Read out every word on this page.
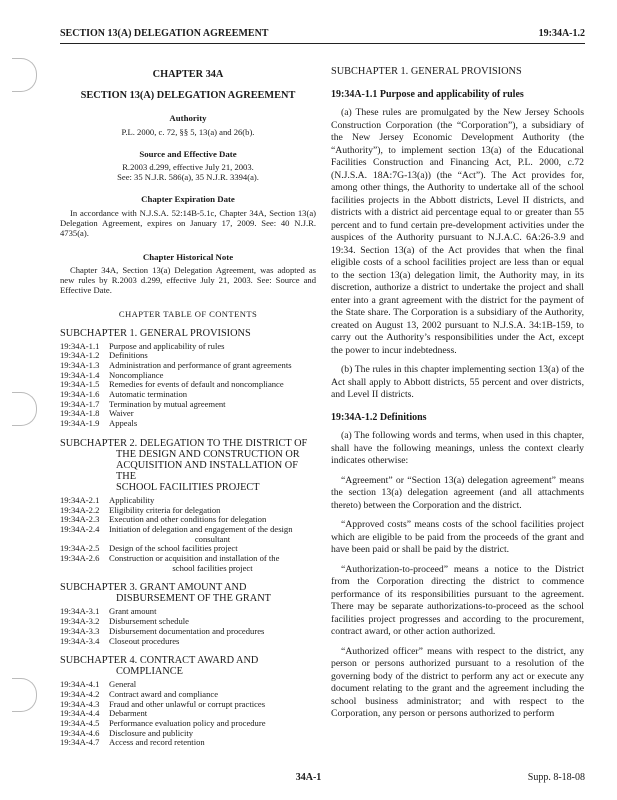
SECTION 13(A) DELEGATION AGREEMENT	19:34A-1.2
CHAPTER 34A
SECTION 13(A) DELEGATION AGREEMENT
Authority
P.L. 2000, c. 72, §§ 5, 13(a) and 26(b).
Source and Effective Date
R.2003 d.299, effective July 21, 2003.
See: 35 N.J.R. 586(a), 35 N.J.R. 3394(a).
Chapter Expiration Date
In accordance with N.J.S.A. 52:14B-5.1c, Chapter 34A, Section 13(a) Delegation Agreement, expires on January 17, 2009. See: 40 N.J.R. 4735(a).
Chapter Historical Note
Chapter 34A, Section 13(a) Delegation Agreement, was adopted as new rules by R.2003 d.299, effective July 21, 2003. See: Source and Effective Date.
CHAPTER TABLE OF CONTENTS
SUBCHAPTER 1. GENERAL PROVISIONS
19:34A-1.1	Purpose and applicability of rules
19:34A-1.2	Definitions
19:34A-1.3	Administration and performance of grant agreements
19:34A-1.4	Noncompliance
19:34A-1.5	Remedies for events of default and noncompliance
19:34A-1.6	Automatic termination
19:34A-1.7	Termination by mutual agreement
19:34A-1.8	Waiver
19:34A-1.9	Appeals
SUBCHAPTER 2. DELEGATION TO THE DISTRICT OF
THE DESIGN AND CONSTRUCTION OR
ACQUISITION AND INSTALLATION OF THE
SCHOOL FACILITIES PROJECT
19:34A-2.1	Applicability
19:34A-2.2	Eligibility criteria for delegation
19:34A-2.3	Execution and other conditions for delegation
19:34A-2.4	Initiation of delegation and engagement of the design
consultant
19:34A-2.5	Design of the school facilities project
19:34A-2.6	Construction or acquisition and installation of the
school facilities project
SUBCHAPTER 3. GRANT AMOUNT AND
DISBURSEMENT OF THE GRANT
19:34A-3.1	Grant amount
19:34A-3.2	Disbursement schedule
19:34A-3.3	Disbursement documentation and procedures
19:34A-3.4	Closeout procedures
SUBCHAPTER 4. CONTRACT AWARD AND
COMPLIANCE
19:34A-4.1	General
19:34A-4.2	Contract award and compliance
19:34A-4.3	Fraud and other unlawful or corrupt practices
19:34A-4.4	Debarment
19:34A-4.5	Performance evaluation policy and procedure
19:34A-4.6	Disclosure and publicity
19:34A-4.7	Access and record retention
SUBCHAPTER 1. GENERAL PROVISIONS
19:34A-1.1 Purpose and applicability of rules

(a) These rules are promulgated by the New Jersey Schools Construction Corporation (the “Corporation”), a subsidiary of the New Jersey Economic Development Authority (the “Authority”), to implement section 13(a) of the Educational Facilities Construction and Financing Act, P.L. 2000, c.72 (N.J.S.A. 18A:7G-13(a)) (the “Act”). The Act provides for, among other things, the Authority to undertake all of the school facilities projects in the Abbott districts, Level II districts, and districts with a district aid percentage equal to or greater than 55 percent and to fund certain pre-development activities under the auspices of the Authority pursuant to N.J.A.C. 6A:26-3.9 and 19:34. Section 13(a) of the Act provides that when the final eligible costs of a school facilities project are less than or equal to the section 13(a) delegation limit, the Authority may, in its discretion, authorize a district to undertake the project and shall enter into a grant agreement with the district for the payment of the State share. The Corporation is a subsidiary of the Authority, created on August 13, 2002 pursuant to N.J.S.A. 34:1B-159, to carry out the Authority’s responsibilities under the Act, except the power to incur indebtedness.

(b) The rules in this chapter implementing section 13(a) of the Act shall apply to Abbott districts, 55 percent and over districts, and Level II districts.

19:34A-1.2 Definitions

(a) The following words and terms, when used in this chapter, shall have the following meanings, unless the context clearly indicates otherwise:

“Agreement” or “Section 13(a) delegation agreement” means the section 13(a) delegation agreement (and all attachments thereto) between the Corporation and the district.

“Approved costs” means costs of the school facilities project which are eligible to be paid from the proceeds of the grant and have been paid or shall be paid by the district.

“Authorization-to-proceed” means a notice to the District from the Corporation directing the district to commence performance of its responsibilities pursuant to the agreement. There may be separate authorizations-to-proceed as the school facilities project progresses and according to the procurement, contract award, or other action authorized.

“Authorized officer” means with respect to the district, any person or persons authorized pursuant to a resolution of the governing body of the district to perform any act or execute any document relating to the grant and the agreement including the school business administrator; and with respect to the Corporation, any person or persons authorized to perform

34A-1	Supp. 8-18-08
